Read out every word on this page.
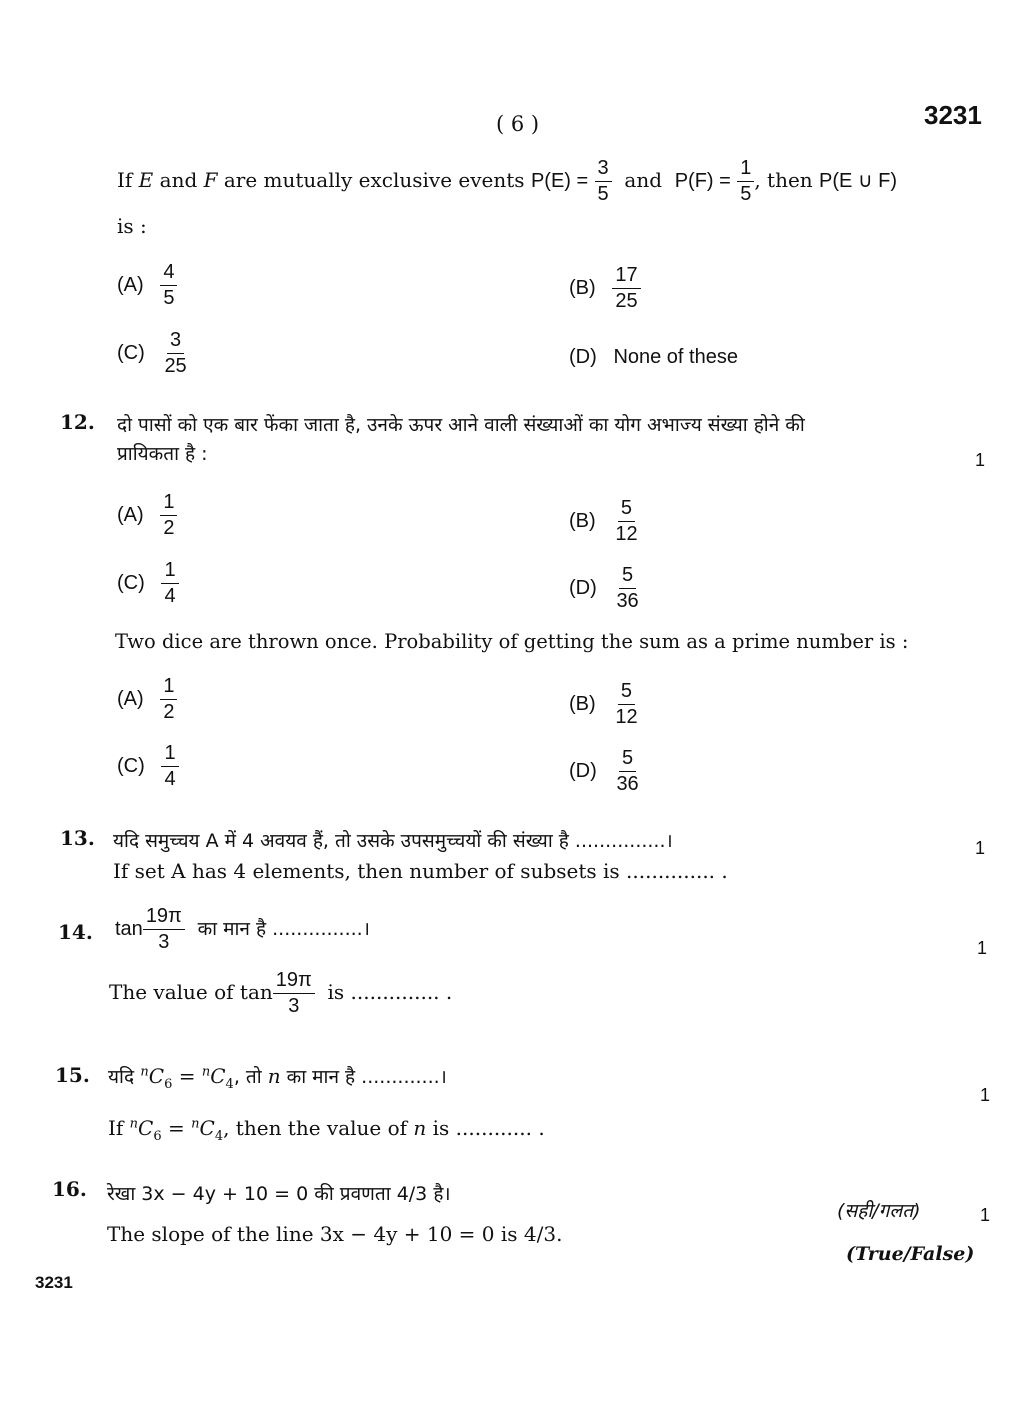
( 6 )	3231
If E and F are mutually exclusive events $P(E) = \frac{3}{5}$ and $P(F) = \frac{1}{5}$ , then P(E ∪ F)
is :
$(A) \frac{4}{5}$	$(B) \frac{17}{25}$
$(C) \frac{3}{25}$	(D) None of these
12. दो पासों को एक बार फेंका जाता है, उनके ऊपर आने वाली संख्याओं का योग अभाज्य संख्या होने की
प्रायिकता है :	1
$(A) \frac{1}{2}$	$(B) \frac{5}{12}$
$(C) \frac{1}{4}$	$(D) \frac{5}{36}$
Two dice are thrown once. Probability of getting the sum as a prime number is :
$(A) \frac{1}{2}$	$(B) \frac{5}{12}$
$(C) \frac{1}{4}$	$(D) \frac{5}{36}$
13. यदि समुच्चय A में 4 अवयव हैं, तो उसके उपसमुच्चयों की संख्या है ...............।	1
If set A has 4 elements, then number of subsets is .............. .
14. $\tan \frac{19\pi}{3}$ का मान है ...............।
1
The value of $\tan \frac{19\pi}{3}$ is .............. .
15. यदि $^nC_6 = ^nC_4$, तो n का मान है .............।
1
If $^nC_6 = ^nC_4$, then the value of n is ............ .
16. रेखा 3x − 4y + 10 = 0 की प्रवणता 4/3 है।
(सही/गलत)	1
The slope of the line 3x − 4y + 10 = 0 is 4/3.
(True/False)
3231
